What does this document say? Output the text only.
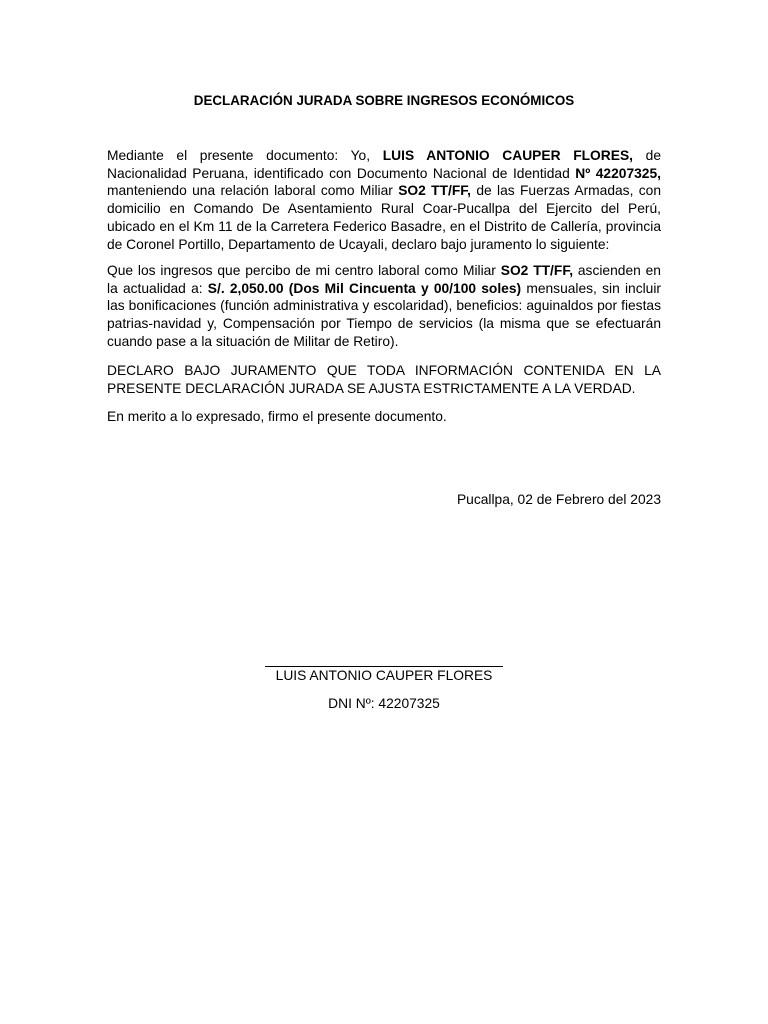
DECLARACIÓN JURADA SOBRE INGRESOS ECONÓMICOS

Mediante el presente documento: Yo, LUIS ANTONIO CAUPER FLORES, de Nacionalidad Peruana, identificado con Documento Nacional de Identidad Nº 42207325, manteniendo una relación laboral como Miliar SO2 TT/FF, de las Fuerzas Armadas, con domicilio en Comando De Asentamiento Rural Coar-Pucallpa del Ejercito del Perú, ubicado en el Km 11 de la Carretera Federico Basadre, en el Distrito de Callería, provincia de Coronel Portillo, Departamento de Ucayali, declaro bajo juramento lo siguiente:

Que los ingresos que percibo de mi centro laboral como Miliar SO2 TT/FF, ascienden en la actualidad a: S/. 2,050.00 (Dos Mil Cincuenta y 00/100 soles) mensuales, sin incluir las bonificaciones (función administrativa y escolaridad), beneficios: aguinaldos por fiestas patrias-navidad y, Compensación por Tiempo de servicios (la misma que se efectuarán cuando pase a la situación de Militar de Retiro).

DECLARO BAJO JURAMENTO QUE TODA INFORMACIÓN CONTENIDA EN LA PRESENTE DECLARACIÓN JURADA SE AJUSTA ESTRICTAMENTE A LA VERDAD.

En merito a lo expresado, firmo el presente documento.

Pucallpa, 02 de Febrero del 2023
LUIS ANTONIO CAUPER FLORES
DNI Nº: 42207325
